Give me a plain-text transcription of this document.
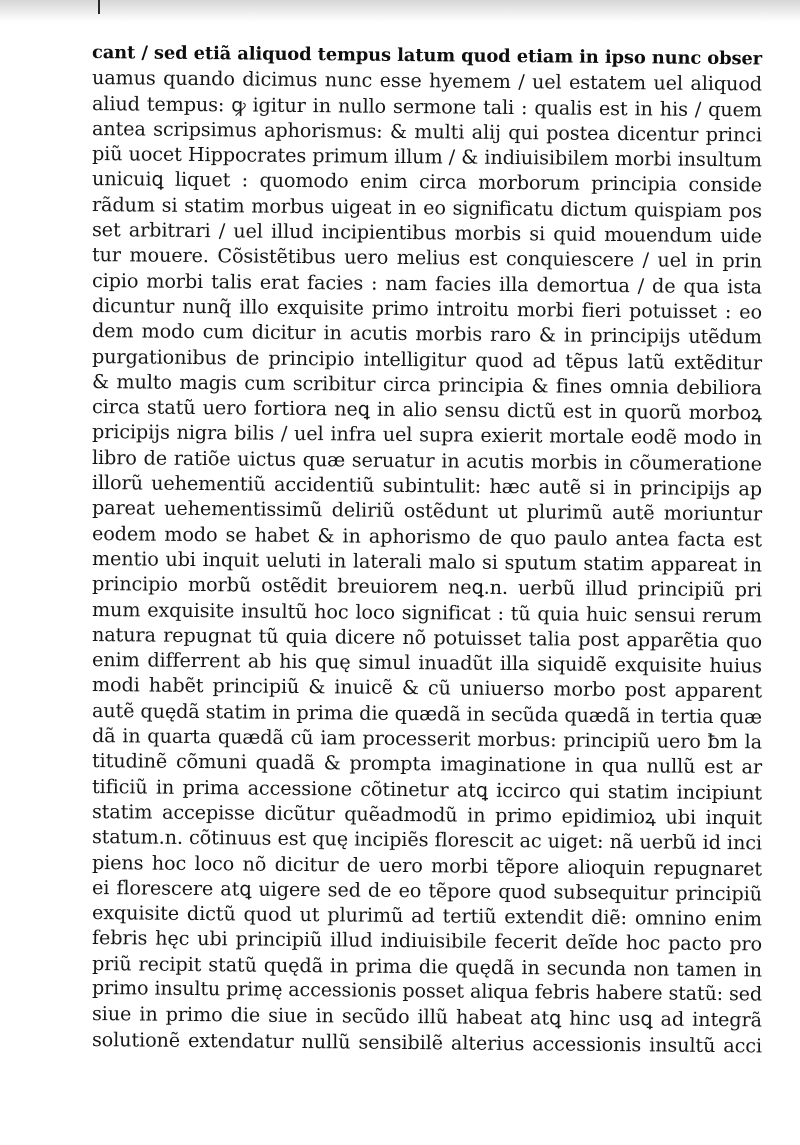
cant / sed etiã aliquod tempus latum quod etiam in ipso nunc obser
uamus quando dicimus nunc esse hyemem / uel estatem uel aliquod
aliud tempus: ꝙ igitur in nullo sermone tali : qualis est in his / quem
antea scripsimus aphorismus: & multi alij qui postea dicentur princi
piũ uocet Hippocrates primum illum / & indiuisibilem morbi insultum
unicuiꝗ liquet : quomodo enim circa morborum principia conside
rãdum si statim morbus uigeat in eo significatu dictum quispiam pos
set arbitrari / uel illud incipientibus morbis si quid mouendum uide
tur mouere. Cõsistẽtibus uero melius est conquiescere / uel in prin
cipio morbi talis erat facies : nam facies illa demortua / de qua ista
dicuntur nunq̃ illo exquisite primo introitu morbi fieri potuisset : eo
dem modo cum dicitur in acutis morbis raro & in principijs utẽdum
purgationibus de principio intelligitur quod ad tẽpus latũ extẽditur
& multo magis cum scribitur circa principia & fines omnia debiliora
circa statũ uero fortiora neꝗ in alio sensu dictũ est in quorũ morboꝝ
pricipijs nigra bilis / uel infra uel supra exierit mortale eodẽ modo in
libro de ratiõe uictus quæ seruatur in acutis morbis in cõumeratione
illorũ uehementiũ accidentiũ subintulit: hæc autẽ si in principijs ap
pareat uehementissimũ deliriũ ostẽdunt ut plurimũ autẽ moriuntur
eodem modo se habet & in aphorismo de quo paulo antea facta est
mentio ubi inquit ueluti in laterali malo si sputum statim appareat in
principio morbũ ostẽdit breuiorem neꝗ.n. uerbũ illud principiũ pri
mum exquisite insultũ hoc loco significat : tũ quia huic sensui rerum
natura repugnat tũ quia dicere nõ potuisset talia post apparẽtia quo
enim differrent ab his quę simul inuadũt illa siquidẽ exquisite huius
modi habẽt principiũ & inuicẽ & cũ uniuerso morbo post apparent
autẽ quędã statim in prima die quædã in secũda quædã in tertia quæ
dã in quarta quædã cũ iam processerit morbus: principiũ uero ƀm la
titudinẽ cõmuni quadã & prompta imaginatione in qua nullũ est ar
tificiũ in prima accessione cõtinetur atꝗ iccirco qui statim incipiunt
statim accepisse dicũtur quẽadmodũ in primo epidimioꝝ ubi inquit
statum.n. cõtinuus est quę incipiẽs florescit ac uiget: nã uerbũ id inci
piens hoc loco nõ dicitur de uero morbi tẽpore alioquin repugnaret
ei florescere atꝗ uigere sed de eo tẽpore quod subsequitur principiũ
exquisite dictũ quod ut plurimũ ad tertiũ extendit diẽ: omnino enim
febris hęc ubi principiũ illud indiuisibile fecerit deĩde hoc pacto pro
priũ recipit statũ quędã in prima die quędã in secunda non tamen in
primo insultu primę accessionis posset aliqua febris habere statũ: sed
siue in primo die siue in secũdo illũ habeat atꝗ hinc usꝗ ad integrã
solutionẽ extendatur nullũ sensibilẽ alterius accessionis insultũ acci
